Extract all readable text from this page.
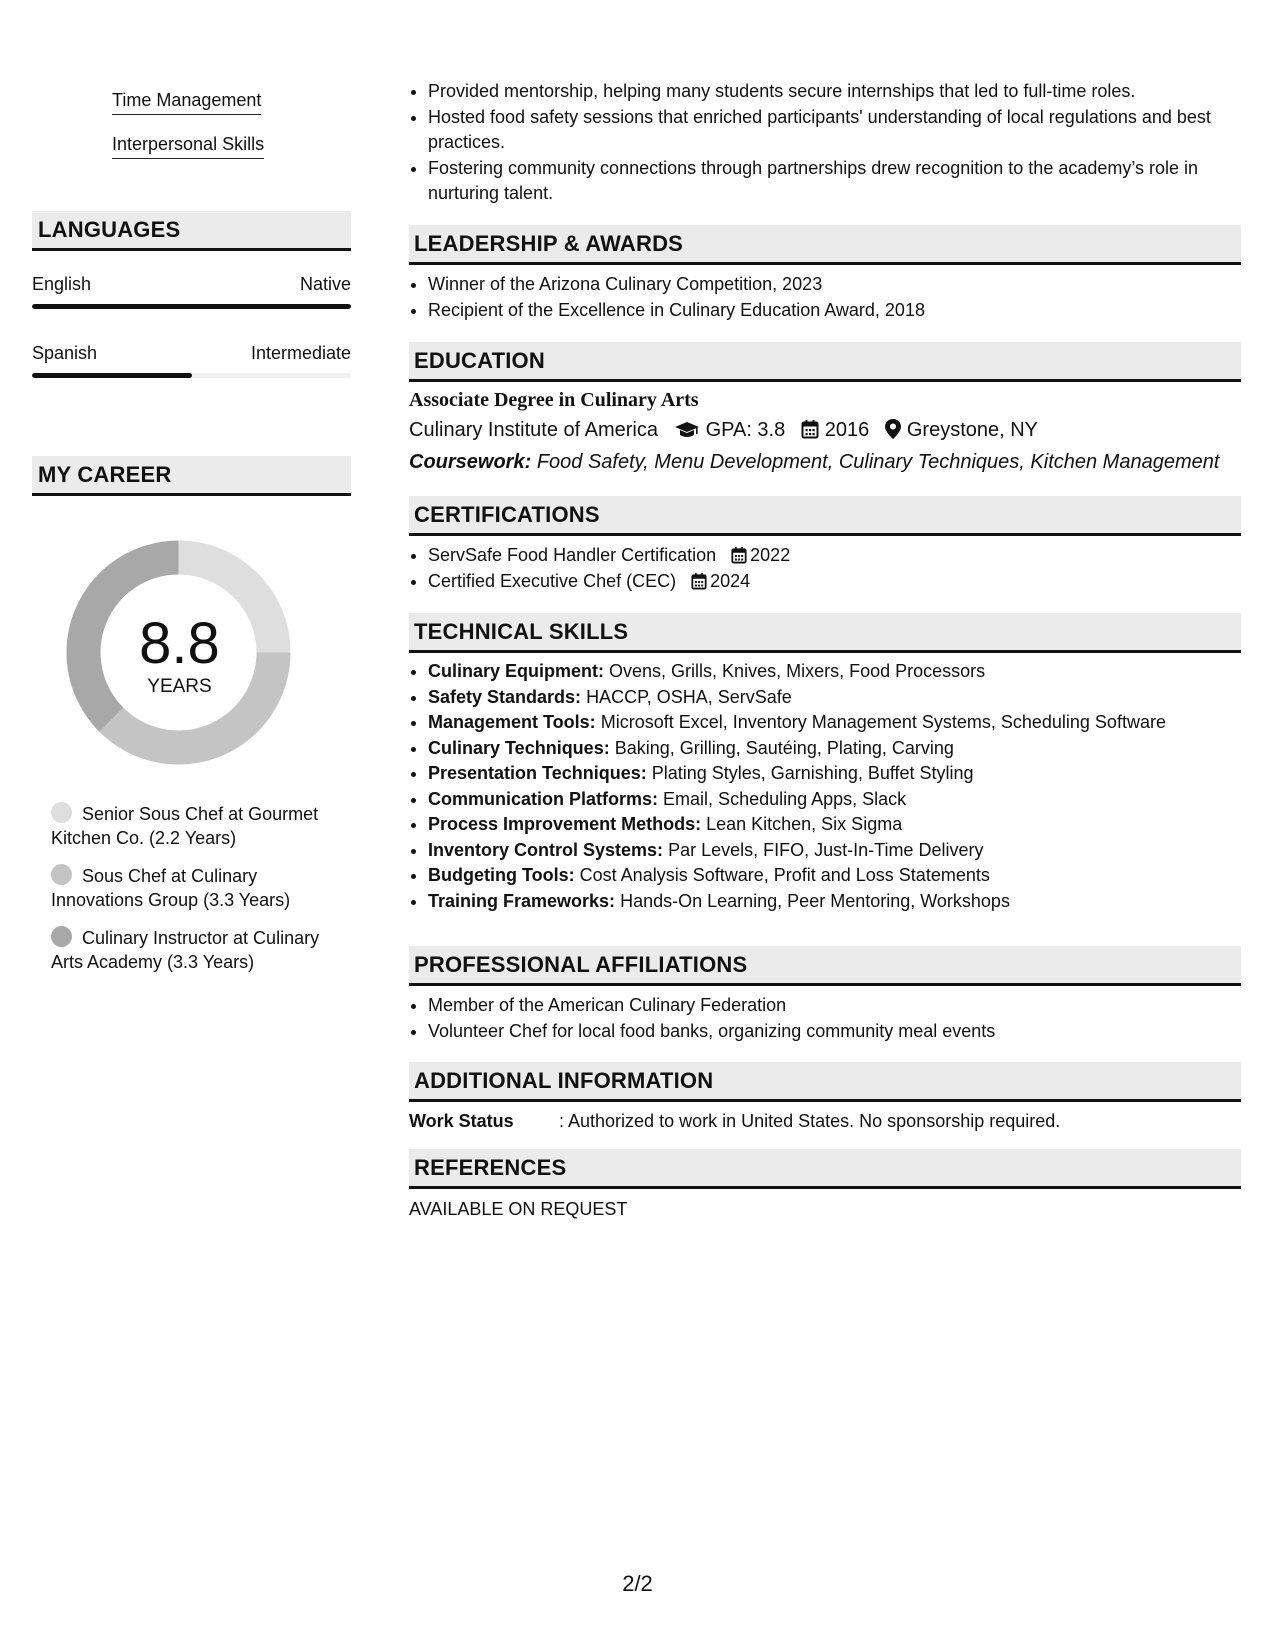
Time Management
Interpersonal Skills
LANGUAGES
English	Native
Spanish	Intermediate
MY CAREER
8.8
YEARS
Senior Sous Chef at Gourmet Kitchen Co. (2.2 Years)
Sous Chef at Culinary Innovations Group (3.3 Years)
Culinary Instructor at Culinary Arts Academy (3.3 Years)
• Provided mentorship, helping many students secure internships that led to full-time roles.
• Hosted food safety sessions that enriched participants' understanding of local regulations and best practices.
• Fostering community connections through partnerships drew recognition to the academy’s role in nurturing talent.
LEADERSHIP & AWARDS
• Winner of the Arizona Culinary Competition, 2023
• Recipient of the Excellence in Culinary Education Award, 2018
EDUCATION
Associate Degree in Culinary Arts
Culinary Institute of America GPA: 3.8 2016 Greystone, NY
Coursework: Food Safety, Menu Development, Culinary Techniques, Kitchen Management
CERTIFICATIONS
• ServSafe Food Handler Certification 2022
• Certified Executive Chef (CEC) 2024
TECHNICAL SKILLS
• Culinary Equipment: Ovens, Grills, Knives, Mixers, Food Processors
• Safety Standards: HACCP, OSHA, ServSafe
• Management Tools: Microsoft Excel, Inventory Management Systems, Scheduling Software
• Culinary Techniques: Baking, Grilling, Sautéing, Plating, Carving
• Presentation Techniques: Plating Styles, Garnishing, Buffet Styling
• Communication Platforms: Email, Scheduling Apps, Slack
• Process Improvement Methods: Lean Kitchen, Six Sigma
• Inventory Control Systems: Par Levels, FIFO, Just-In-Time Delivery
• Budgeting Tools: Cost Analysis Software, Profit and Loss Statements
• Training Frameworks: Hands-On Learning, Peer Mentoring, Workshops
PROFESSIONAL AFFILIATIONS
• Member of the American Culinary Federation
• Volunteer Chef for local food banks, organizing community meal events
ADDITIONAL INFORMATION
Work Status	: Authorized to work in United States. No sponsorship required.
REFERENCES
AVAILABLE ON REQUEST
2/2
